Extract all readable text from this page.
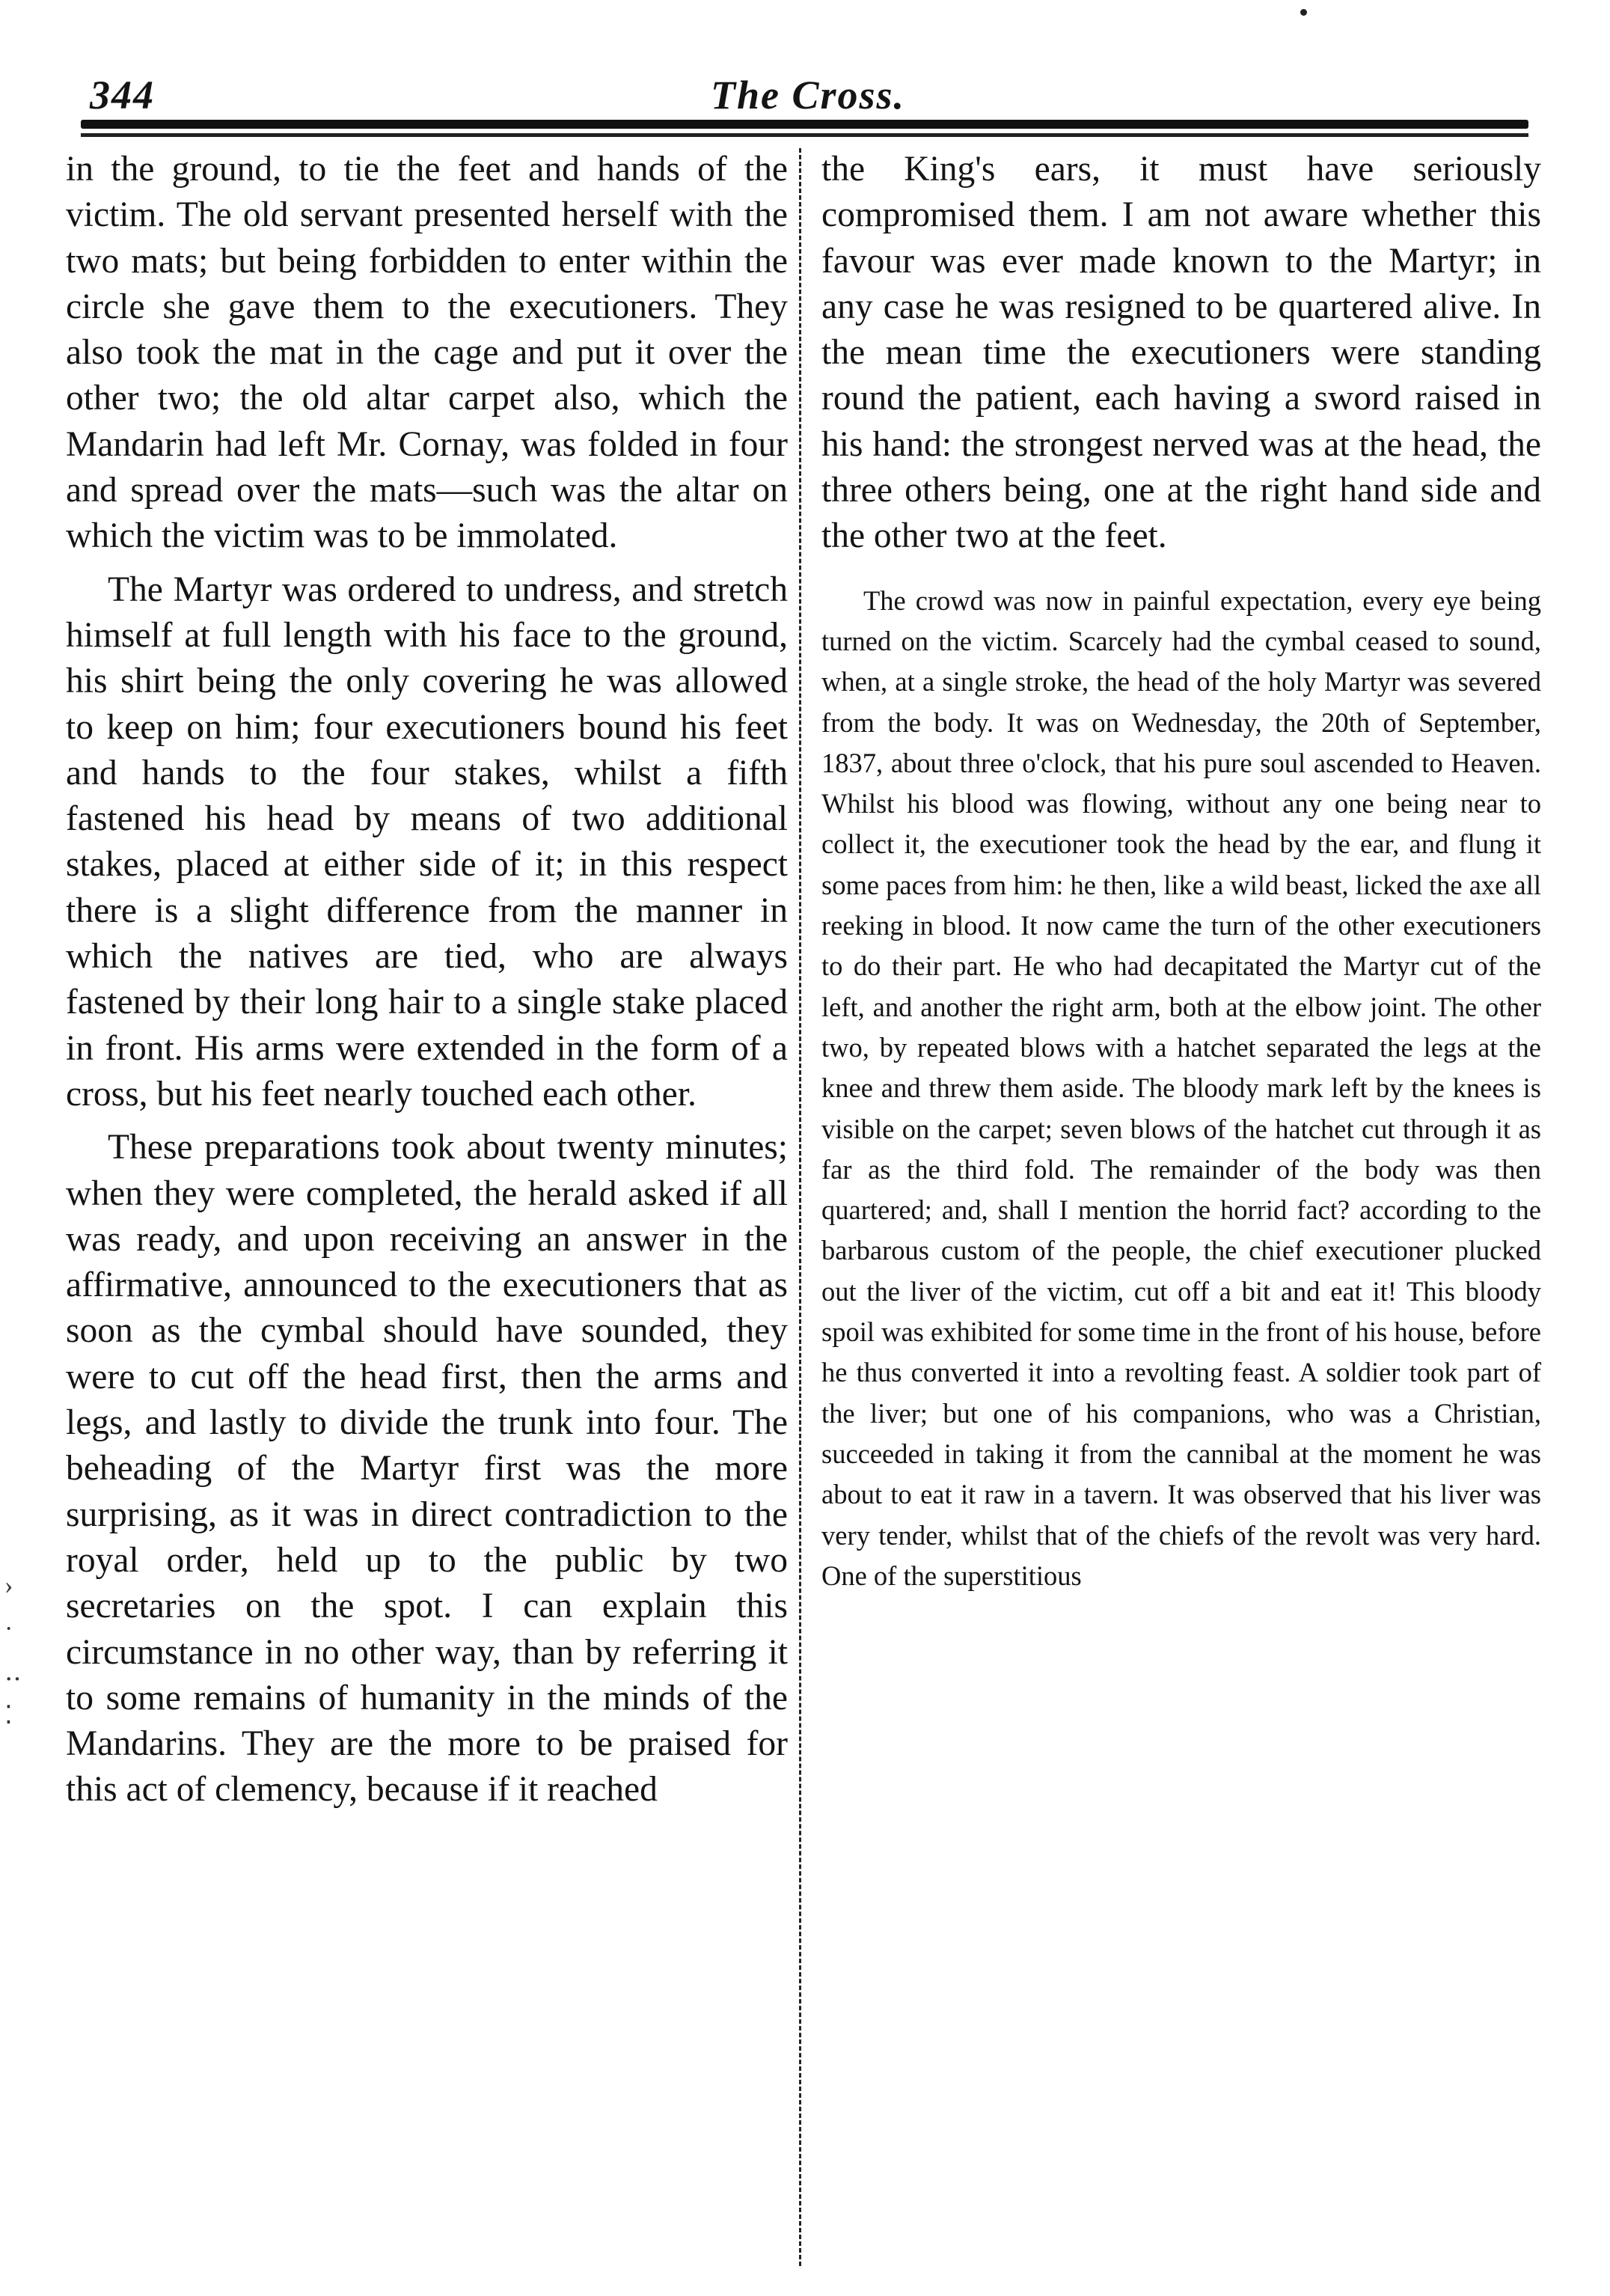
344	The Cross.

in the ground, to tie the feet and hands of the victim. The old servant presented herself with the two mats; but being forbidden to enter within the circle she gave them to the executioners. They also took the mat in the cage and put it over the other two; the old altar carpet also, which the Mandarin had left Mr. Cornay, was folded in four and spread over the mats—such was the altar on which the victim was to be immolated.

The Martyr was ordered to undress, and stretch himself at full length with his face to the ground, his shirt being the only covering he was allowed to keep on him; four executioners bound his feet and hands to the four stakes, whilst a fifth fastened his head by means of two additional stakes, placed at either side of it; in this respect there is a slight difference from the manner in which the natives are tied, who are always fastened by their long hair to a single stake placed in front. His arms were extended in the form of a cross, but his feet nearly touched each other.

These preparations took about twenty minutes; when they were completed, the herald asked if all was ready, and upon receiving an answer in the affirmative, announced to the executioners that as soon as the cymbal should have sounded, they were to cut off the head first, then the arms and legs, and lastly to divide the trunk into four. The beheading of the Martyr first was the more surprising, as it was in direct contradiction to the royal order, held up to the public by two secretaries on the spot. I can explain this circumstance in no other way, than by referring it to some remains of humanity in the minds of the Mandarins. They are the more to be praised for this act of clemency, because if it reached

the King's ears, it must have seriously compromised them. I am not aware whether this favour was ever made known to the Martyr; in any case he was resigned to be quartered alive. In the mean time the executioners were standing round the patient, each having a sword raised in his hand: the strongest nerved was at the head, the three others being, one at the right hand side and the other two at the feet.

The crowd was now in painful expectation, every eye being turned on the victim. Scarcely had the cymbal ceased to sound, when, at a single stroke, the head of the holy Martyr was severed from the body. It was on Wednesday, the 20th of September, 1837, about three o'clock, that his pure soul ascended to Heaven. Whilst his blood was flowing, without any one being near to collect it, the executioner took the head by the ear, and flung it some paces from him: he then, like a wild beast, licked the axe all reeking in blood. It now came the turn of the other executioners to do their part. He who had decapitated the Martyr cut of the left, and another the right arm, both at the elbow joint. The other two, by repeated blows with a hatchet separated the legs at the knee and threw them aside. The bloody mark left by the knees is visible on the carpet; seven blows of the hatchet cut through it as far as the third fold. The remainder of the body was then quartered; and, shall I mention the horrid fact? according to the barbarous custom of the people, the chief executioner plucked out the liver of the victim, cut off a bit and eat it! This bloody spoil was exhibited for some time in the front of his house, before he thus converted it into a revolting feast. A soldier took part of the liver; but one of his companions, who was a Christian, succeeded in taking it from the cannibal at the moment he was about to eat it raw in a tavern. It was observed that his liver was very tender, whilst that of the chiefs of the revolt was very hard. One of the superstitious

›
·
‥
⁚
